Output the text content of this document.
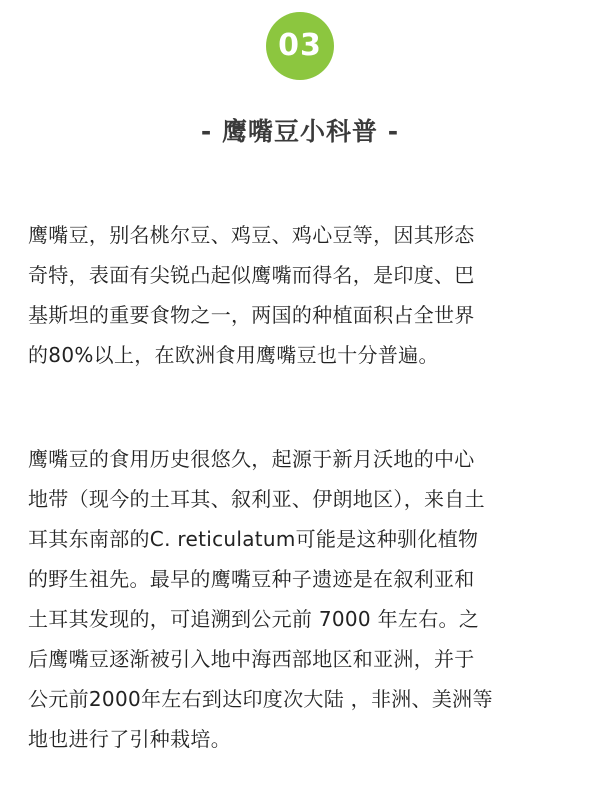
03
- 鹰嘴豆小科普 -
鹰嘴豆，别名桃尔豆、鸡豆、鸡心豆等，因其形态
奇特，表面有尖锐凸起似鹰嘴而得名，是印度、巴
基斯坦的重要食物之一，两国的种植面积占全世界
的80%以上，在欧洲食用鹰嘴豆也十分普遍。
鹰嘴豆的食用历史很悠久，起源于新月沃地的中心
地带（现今的土耳其、叙利亚、伊朗地区），来自土
耳其东南部的C. reticulatum可能是这种驯化植物
的野生祖先。最早的鹰嘴豆种子遗迹是在叙利亚和
土耳其发现的，可追溯到公元前 7000 年左右。之
后鹰嘴豆逐渐被引入地中海西部地区和亚洲，并于
公元前2000年左右到达印度次大陆 ，非洲、美洲等
地也进行了引种栽培。
